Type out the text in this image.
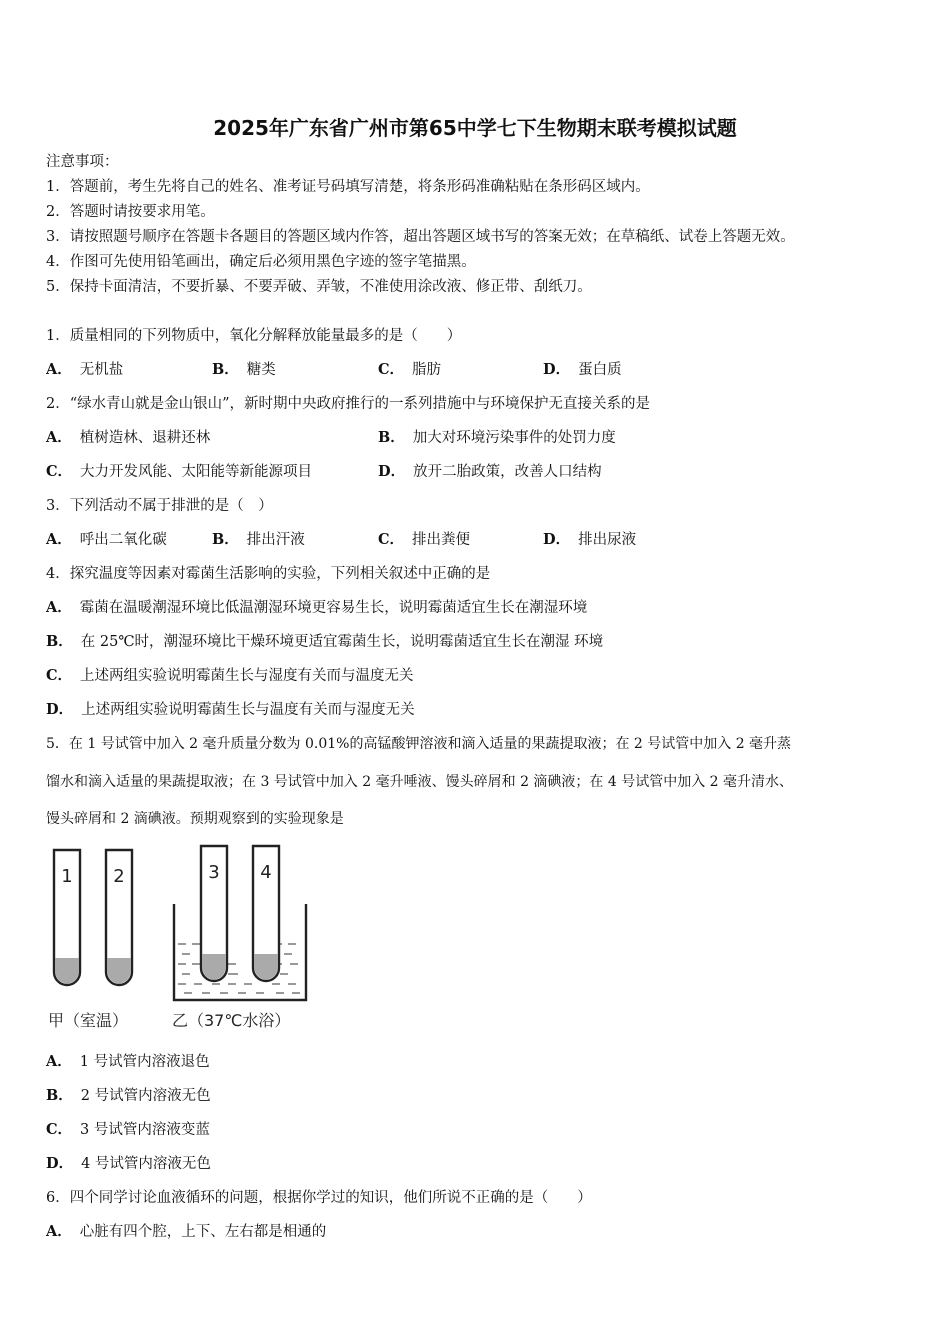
2025年广东省广州市第65中学七下生物期末联考模拟试题
注意事项：
1．答题前，考生先将自己的姓名、准考证号码填写清楚，将条形码准确粘贴在条形码区域内。
2．答题时请按要求用笔。
3．请按照题号顺序在答题卡各题目的答题区域内作答，超出答题区域书写的答案无效；在草稿纸、试卷上答题无效。
4．作图可先使用铅笔画出，确定后必须用黑色字迹的签字笔描黑。
5．保持卡面清洁，不要折暴、不要弄破、弄皱，不准使用涂改液、修正带、刮纸刀。
1．质量相同的下列物质中，氧化分解释放能量最多的是（　　）
A． 无机盐	B． 糖类	C． 脂肪	D． 蛋白质
2．“绿水青山就是金山银山”，新时期中央政府推行的一系列措施中与环境保护无直接关系的是
A． 植树造林、退耕还林	B． 加大对环境污染事件的处罚力度
C． 大力开发风能、太阳能等新能源项目	D． 放开二胎政策，改善人口结构
3．下列活动不属于排泄的是（　）
A． 呼出二氧化碳	B． 排出汗液	C． 排出粪便	D． 排出尿液
4．探究温度等因素对霉菌生活影响的实验，下列相关叙述中正确的是
A． 霉菌在温暖潮湿环境比低温潮湿环境更容易生长，说明霉菌适宜生长在潮湿环境
B． 在 25℃时，潮湿环境比干燥环境更适宜霉菌生长，说明霉菌适宜生长在潮湿 环境
C． 上述两组实验说明霉菌生长与湿度有关而与温度无关
D． 上述两组实验说明霉菌生长与温度有关而与湿度无关
5．在 1 号试管中加入 2 毫升质量分数为 0.01%的高锰酸钾溶液和滴入适量的果蔬提取液；在 2 号试管中加入 2 毫升蒸
馏水和滴入适量的果蔬提取液；在 3 号试管中加入 2 毫升唾液、馒头碎屑和 2 滴碘液；在 4 号试管中加入 2 毫升清水、
馒头碎屑和 2 滴碘液。预期观察到的实验现象是
1 2	3 4
甲（室温）	乙（37℃水浴）
A． 1 号试管内溶液退色
B． 2 号试管内溶液无色
C． 3 号试管内溶液变蓝
D． 4 号试管内溶液无色
6．四个同学讨论血液循环的问题，根据你学过的知识，他们所说不正确的是（　　）
A． 心脏有四个腔，上下、左右都是相通的
